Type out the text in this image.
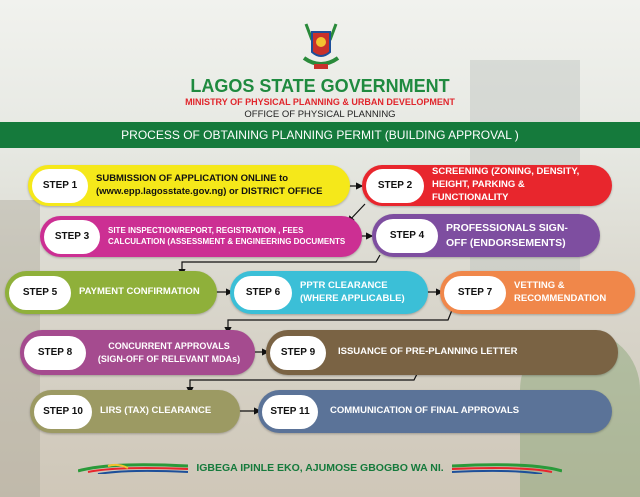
LAGOS STATE GOVERNMENT
MINISTRY OF PHYSICAL PLANNING & URBAN DEVELOPMENT
OFFICE OF PHYSICAL PLANNING
PROCESS OF OBTAINING PLANNING PERMIT (BUILDING APPROVAL )
STEP 1
SUBMISSION OF APPLICATION ONLINE to (www.epp.lagosstate.gov.ng) or DISTRICT OFFICE	STEP 2
SCREENING (ZONING, DENSITY, HEIGHT, PARKING & FUNCTIONALITY
STEP 3
SITE INSPECTION/REPORT, REGISTRATION , FEES CALCULATION (ASSESSMENT & ENGINEERING DOCUMENTS	STEP 4
PROFESSIONALS SIGN-OFF (ENDORSEMENTS)
STEP 5	PAYMENT CONFIRMATION	STEP 6
PPTR CLEARANCE (WHERE APPLICABLE)	STEP 7
VETTING & RECOMMENDATION
STEP 8
CONCURRENT APPROVALS (SIGN-OFF OF RELEVANT MDAs)
STEP 9	ISSUANCE OF PRE-PLANNING LETTER
STEP 10	LIRS (TAX) CLEARANCE	STEP 11	COMMUNICATION OF FINAL APPROVALS
IGBEGA IPINLE EKO, AJUMOSE GBOGBO WA NI.
